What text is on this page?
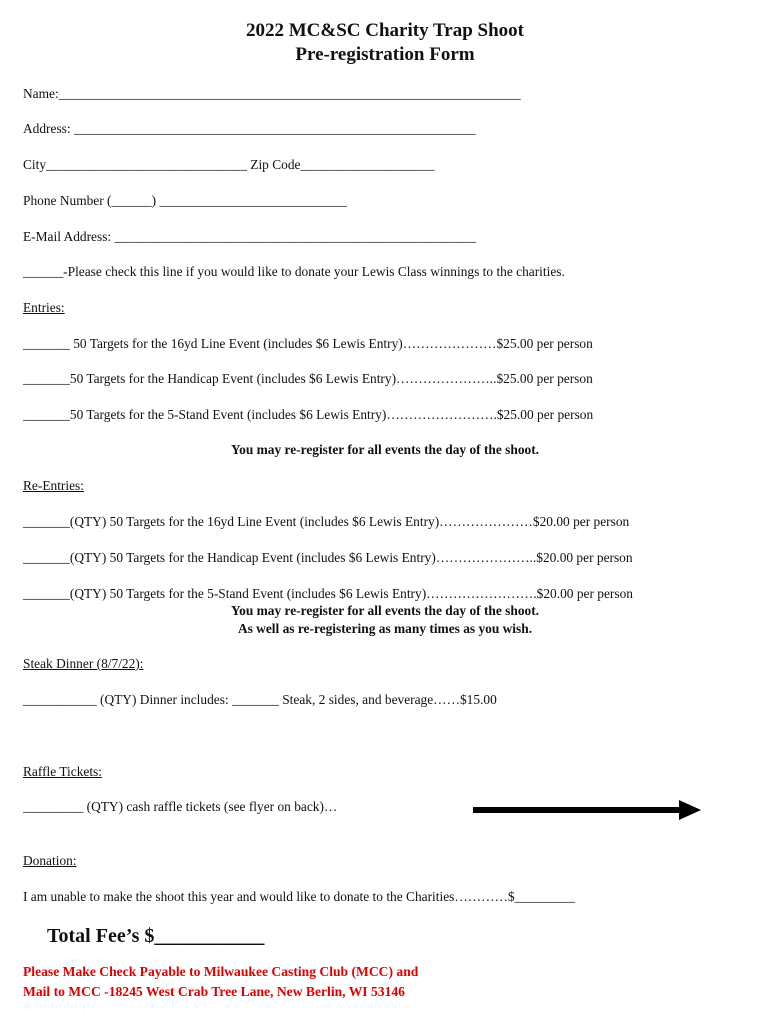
2022 MC&SC Charity Trap Shoot
Pre-registration Form
Name:_____________________________________________________________________
Address: ____________________________________________________________
City______________________________ Zip Code____________________
Phone Number (______) ____________________________
E-Mail Address: ______________________________________________________
______-Please check this line if you would like to donate your Lewis Class winnings to the charities.
Entries:
_______ 50 Targets for the 16yd Line Event (includes $6 Lewis Entry)…………………$25.00 per person
_______50 Targets for the Handicap Event (includes $6 Lewis Entry)…………………..$25.00 per person
_______50 Targets for the 5-Stand Event (includes $6 Lewis Entry)…………………….$25.00 per person
You may re-register for all events the day of the shoot.
Re-Entries:
_______(QTY) 50 Targets for the 16yd Line Event (includes $6 Lewis Entry)…………………$20.00 per person
_______(QTY) 50 Targets for the Handicap Event (includes $6 Lewis Entry)…………………..$20.00 per person
_______(QTY) 50 Targets for the 5-Stand Event (includes $6 Lewis Entry)…………………….$20.00 per person
You may re-register for all events the day of the shoot.
As well as re-registering as many times as you wish.
Steak Dinner (8/7/22):
___________ (QTY) Dinner includes: _______ Steak, 2 sides, and beverage……$15.00
Raffle Tickets:
_________ (QTY) cash raffle tickets (see flyer on back)…
Donation:
I am unable to make the shoot this year and would like to donate to the Charities…………$_________
Total Fee’s $___________
Please Make Check Payable to Milwaukee Casting Club (MCC) and
Mail to MCC -18245 West Crab Tree Lane, New Berlin, WI 53146
